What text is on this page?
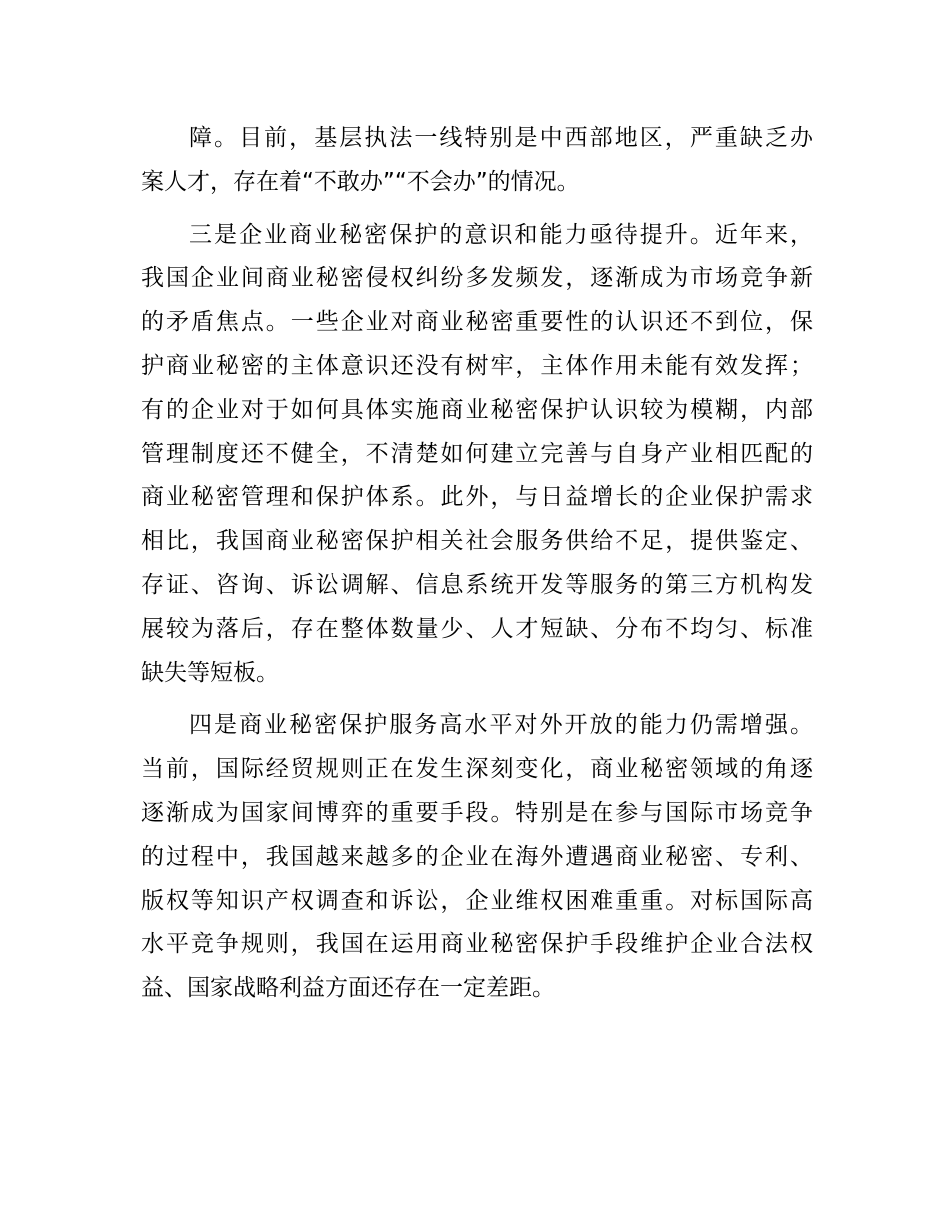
障。目前，基层执法一线特别是中西部地区，严重缺乏办
案人才，存在着“不敢办”“不会办”的情况。
三是企业商业秘密保护的意识和能力亟待提升。近年来，
我国企业间商业秘密侵权纠纷多发频发，逐渐成为市场竞争新
的矛盾焦点。一些企业对商业秘密重要性的认识还不到位，保
护商业秘密的主体意识还没有树牢，主体作用未能有效发挥；
有的企业对于如何具体实施商业秘密保护认识较为模糊，内部
管理制度还不健全，不清楚如何建立完善与自身产业相匹配的
商业秘密管理和保护体系。此外，与日益增长的企业保护需求
相比，我国商业秘密保护相关社会服务供给不足，提供鉴定、
存证、咨询、诉讼调解、信息系统开发等服务的第三方机构发
展较为落后，存在整体数量少、人才短缺、分布不均匀、标准
缺失等短板。
四是商业秘密保护服务高水平对外开放的能力仍需增强。
当前，国际经贸规则正在发生深刻变化，商业秘密领域的角逐
逐渐成为国家间博弈的重要手段。特别是在参与国际市场竞争
的过程中，我国越来越多的企业在海外遭遇商业秘密、专利、
版权等知识产权调查和诉讼，企业维权困难重重。对标国际高
水平竞争规则，我国在运用商业秘密保护手段维护企业合法权
益、国家战略利益方面还存在一定差距。
